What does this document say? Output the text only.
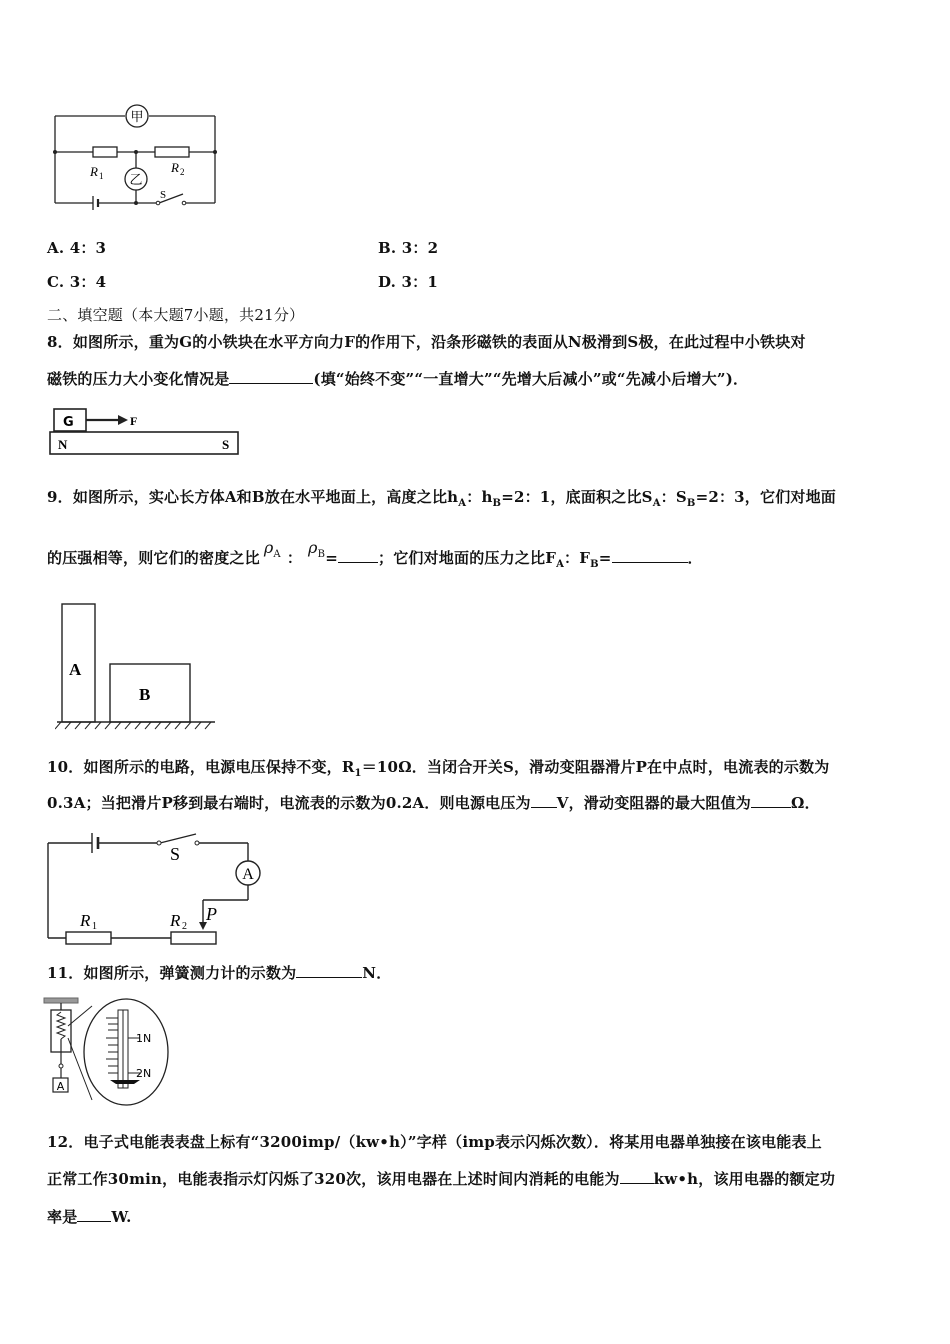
甲
乙
R 1
R 2
S
A. 4：3	B. 3：2
C. 3：4	D. 3：1
二、填空题（本大题7小题，共21分）
8．如图所示，重为G的小铁块在水平方向力F的作用下，沿条形磁铁的表面从N极滑到S极，在此过程中小铁块对
磁铁的压力大小变化情况是	(填“始终不变”“一直增大”“先增大后减小”或“先减小后增大”)．
G	F
N	S
9．如图所示，实心长方体A和B放在水平地面上，高度之比$h_A$：$h_B=2$：1，底面积之比$S_A$：$S_B=2$：3，它们对地面
的压强相等，则它们的密度之比$\rho_A$ ：$\rho_B=$	；它们对地面的压力之比$F_A$：$F_B=$	．
A
B
10．如图所示的电路，电源电压保持不变，$R_1=10\Omega$．当闭合开关S，滑动变阻器滑片P在中点时，电流表的示数为
0.3A；当把滑片P移到最右端时，电流表的示数为0.2A．则电源电压为 V，滑动变阻器的最大阻值为	Ω．
A
S
R 1	R 2
P
11．如图所示，弹簧测力计的示数为	N．
A
1N
2N
12．电子式电能表表盘上标有“3200imp/（kw•h）”字样（imp表示闪烁次数）．将某用电器单独接在该电能表上
正常工作30min，电能表指示灯闪烁了320次，该用电器在上述时间内消耗的电能为 kw•h，该用电器的额定功
率是 W.
